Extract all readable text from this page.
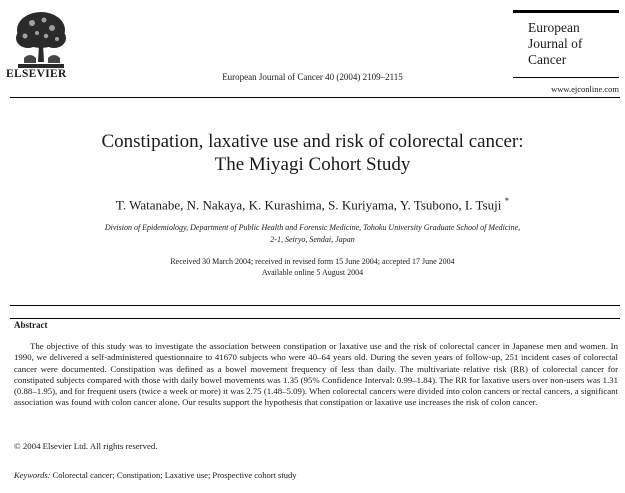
ELSEVIER	European Journal of Cancer 40 (2004) 2109–2115
European
Journal of
Cancer
www.ejconline.com
Constipation, laxative use and risk of colorectal cancer:
The Miyagi Cohort Study
T. Watanabe, N. Nakaya, K. Kurashima, S. Kuriyama, Y. Tsubono, I. Tsuji *
Division of Epidemiology, Department of Public Health and Forensic Medicine, Tohoku University Graduate School of Medicine,
2-1, Seiryo, Sendai, Japan
Received 30 March 2004; received in revised form 15 June 2004; accepted 17 June 2004
Available online 5 August 2004
Abstract

The objective of this study was to investigate the association between constipation or laxative use and the risk of colorectal cancer in Japanese men and women. In 1990, we delivered a self-administered questionnaire to 41670 subjects who were 40–64 years old. During the seven years of follow-up, 251 incident cases of colorectal cancer were documented. Constipation was defined as a bowel movement frequency of less than daily. The multivariate relative risk (RR) of colorectal cancer for constipated subjects compared with those with daily bowel movements was 1.35 (95% Confidence Interval: 0.99–1.84). The RR for laxative users over non-users was 1.31 (0.88–1.95), and for frequent users (twice a week or more) it was 2.75 (1.48–5.09). When colorectal cancers were divided into colon cancers or rectal cancers, a significant association was found with colon cancer alone. Our results support the hypothesis that constipation or laxative use increases the risk of colon cancer.

© 2004 Elsevier Ltd. All rights reserved.
Keywords: Colorectal cancer; Constipation; Laxative use; Prospective cohort study
